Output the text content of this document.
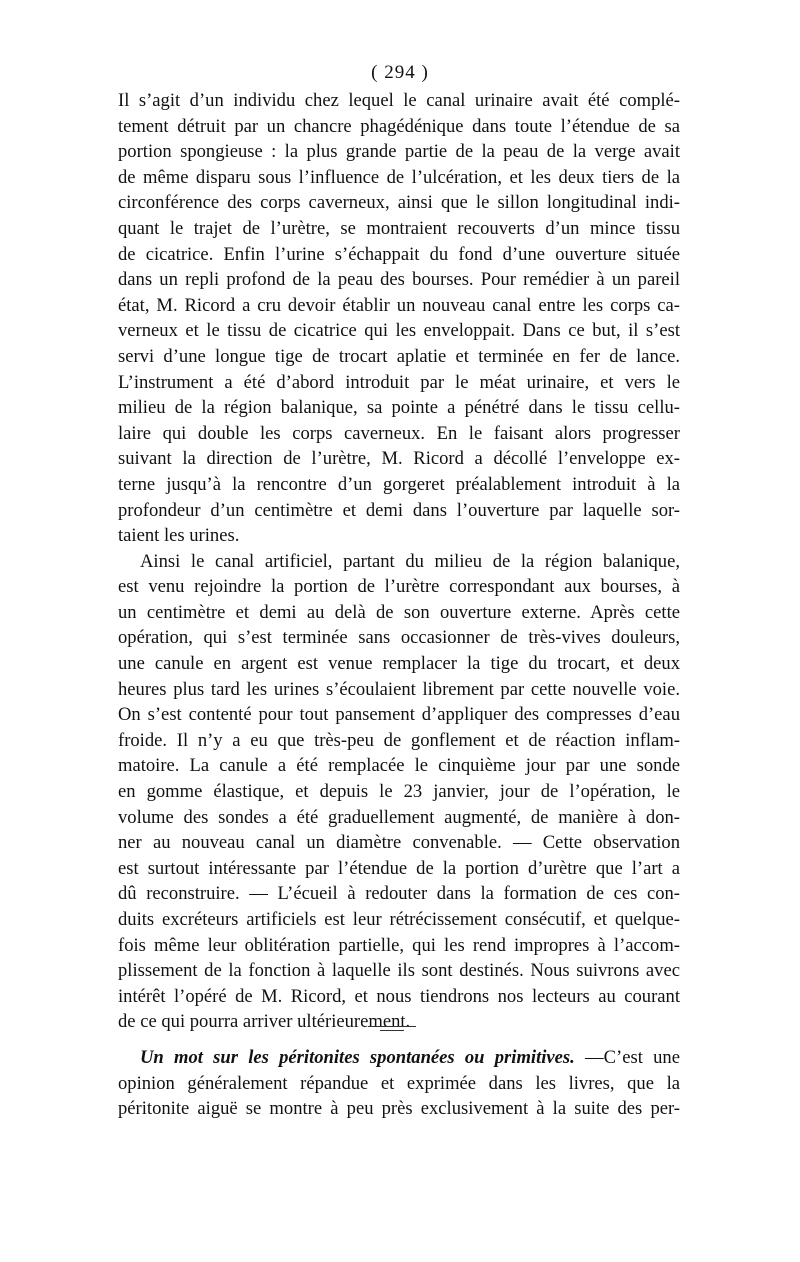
( 294 )
Il s’agit d’un individu chez lequel le canal urinaire avait été complé-
tement détruit par un chancre phagédénique dans toute l’étendue de sa
portion spongieuse : la plus grande partie de la peau de la verge avait
de même disparu sous l’influence de l’ulcération, et les deux tiers de la
circonférence des corps caverneux, ainsi que le sillon longitudinal indi-
quant le trajet de l’urètre, se montraient recouverts d’un mince tissu
de cicatrice. Enfin l’urine s’échappait du fond d’une ouverture située
dans un repli profond de la peau des bourses. Pour remédier à un pareil
état, M. Ricord a cru devoir établir un nouveau canal entre les corps ca-
verneux et le tissu de cicatrice qui les enveloppait. Dans ce but, il s’est
servi d’une longue tige de trocart aplatie et terminée en fer de lance.
L’instrument a été d’abord introduit par le méat urinaire, et vers le
milieu de la région balanique, sa pointe a pénétré dans le tissu cellu-
laire qui double les corps caverneux. En le faisant alors progresser
suivant la direction de l’urètre, M. Ricord a décollé l’enveloppe ex-
terne jusqu’à la rencontre d’un gorgeret préalablement introduit à la
profondeur d’un centimètre et demi dans l’ouverture par laquelle sor-
taient les urines.
Ainsi le canal artificiel, partant du milieu de la région balanique,
est venu rejoindre la portion de l’urètre correspondant aux bourses, à
un centimètre et demi au delà de son ouverture externe. Après cette
opération, qui s’est terminée sans occasionner de très-vives douleurs,
une canule en argent est venue remplacer la tige du trocart, et deux
heures plus tard les urines s’écoulaient librement par cette nouvelle voie.
On s’est contenté pour tout pansement d’appliquer des compresses d’eau
froide. Il n’y a eu que très-peu de gonflement et de réaction inflam-
matoire. La canule a été remplacée le cinquième jour par une sonde
en gomme élastique, et depuis le 23 janvier, jour de l’opération, le
volume des sondes a été graduellement augmenté, de manière à don-
ner au nouveau canal un diamètre convenable. — Cette observation
est surtout intéressante par l’étendue de la portion d’urètre que l’art a
dû reconstruire. — L’écueil à redouter dans la formation de ces con-
duits excréteurs artificiels est leur rétrécissement consécutif, et quelque-
fois même leur oblitération partielle, qui les rend impropres à l’accom-
plissement de la fonction à laquelle ils sont destinés. Nous suivrons avec
intérêt l’opéré de M. Ricord, et nous tiendrons nos lecteurs au courant
de ce qui pourra arriver ultérieurement.
Un mot sur les péritonites spontanées ou primitives. —C’est une
opinion généralement répandue et exprimée dans les livres, que la
péritonite aiguë se montre à peu près exclusivement à la suite des per-
